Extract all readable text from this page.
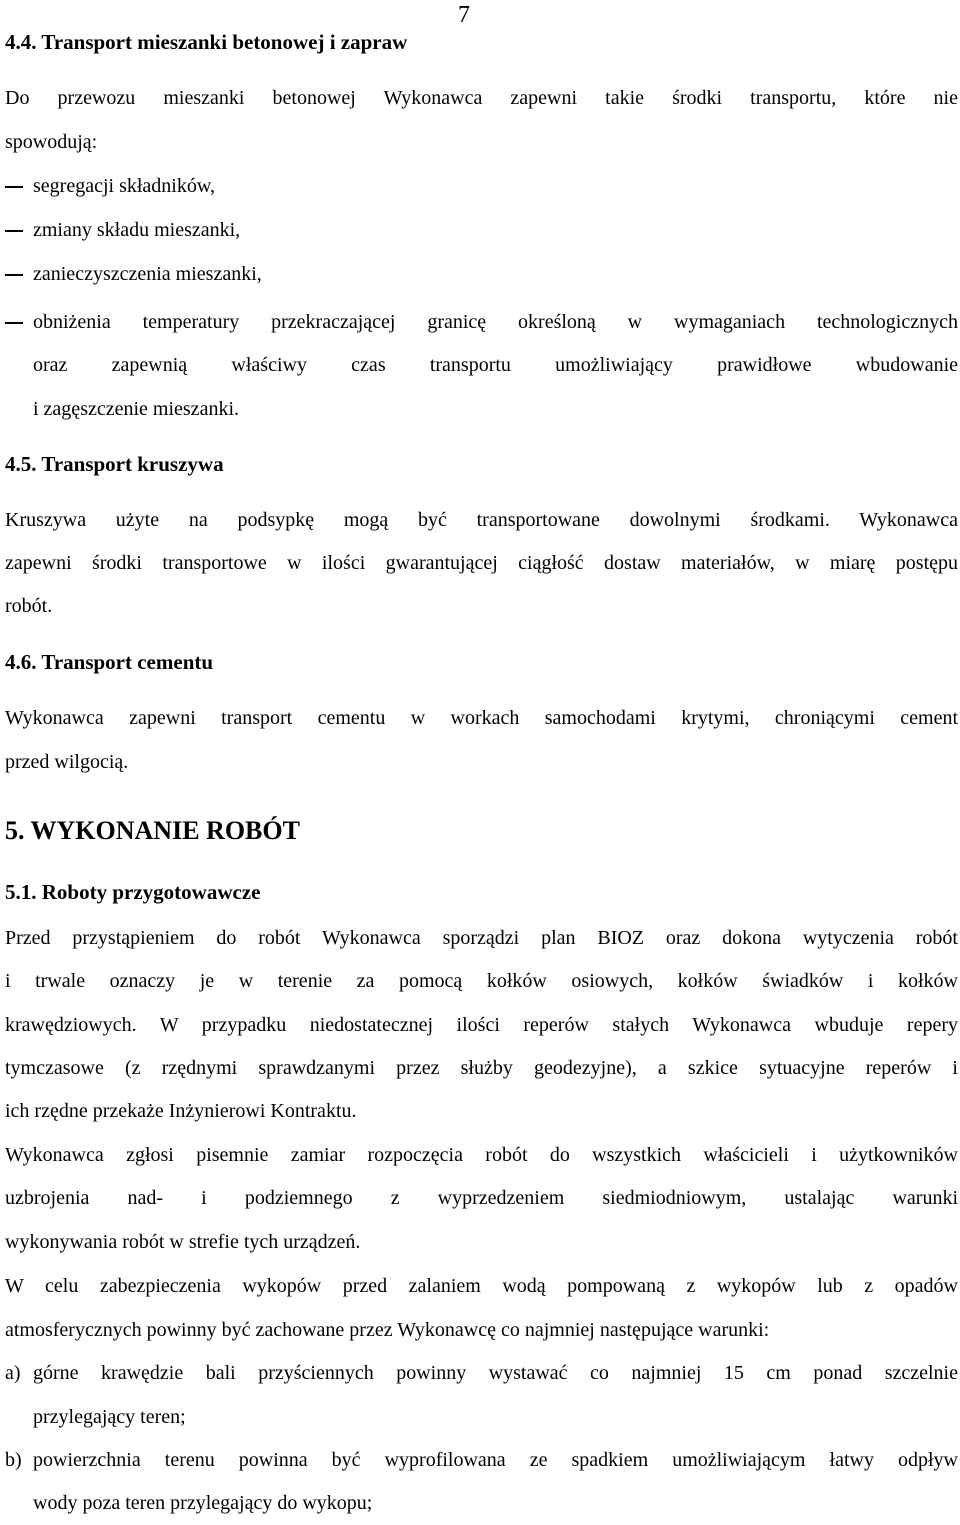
7
4.4. Transport mieszanki betonowej i zapraw
Do przewozu mieszanki betonowej Wykonawca zapewni takie środki transportu, które nie
spowodują:
segregacji składników,
zmiany składu mieszanki,
zanieczyszczenia mieszanki,
obniżenia temperatury przekraczającej granicę określoną w wymaganiach technologicznych
oraz zapewnią właściwy czas transportu umożliwiający prawidłowe wbudowanie
i zagęszczenie mieszanki.
4.5. Transport kruszywa
Kruszywa użyte na podsypkę mogą być transportowane dowolnymi środkami. Wykonawca
zapewni środki transportowe w ilości gwarantującej ciągłość dostaw materiałów, w miarę postępu
robót.
4.6. Transport cementu
Wykonawca zapewni transport cementu w workach samochodami krytymi, chroniącymi cement
przed wilgocią.
5. WYKONANIE ROBÓT
5.1. Roboty przygotowawcze
Przed przystąpieniem do robót Wykonawca sporządzi plan BIOZ oraz dokona wytyczenia robót
i trwale oznaczy je w terenie za pomocą kołków osiowych, kołków świadków i kołków
krawędziowych. W przypadku niedostatecznej ilości reperów stałych Wykonawca wbuduje repery
tymczasowe (z rzędnymi sprawdzanymi przez służby geodezyjne), a szkice sytuacyjne reperów i
ich rzędne przekaże Inżynierowi Kontraktu.
Wykonawca zgłosi pisemnie zamiar rozpoczęcia robót do wszystkich właścicieli i użytkowników
uzbrojenia nad- i podziemnego z wyprzedzeniem siedmiodniowym, ustalając warunki
wykonywania robót w strefie tych urządzeń.
W celu zabezpieczenia wykopów przed zalaniem wodą pompowaną z wykopów lub z opadów
atmosferycznych powinny być zachowane przez Wykonawcę co najmniej następujące warunki:
a) górne krawędzie bali przyściennych powinny wystawać co najmniej 15 cm ponad szczelnie
przylegający teren;
b) powierzchnia terenu powinna być wyprofilowana ze spadkiem umożliwiającym łatwy odpływ
wody poza teren przylegający do wykopu;
